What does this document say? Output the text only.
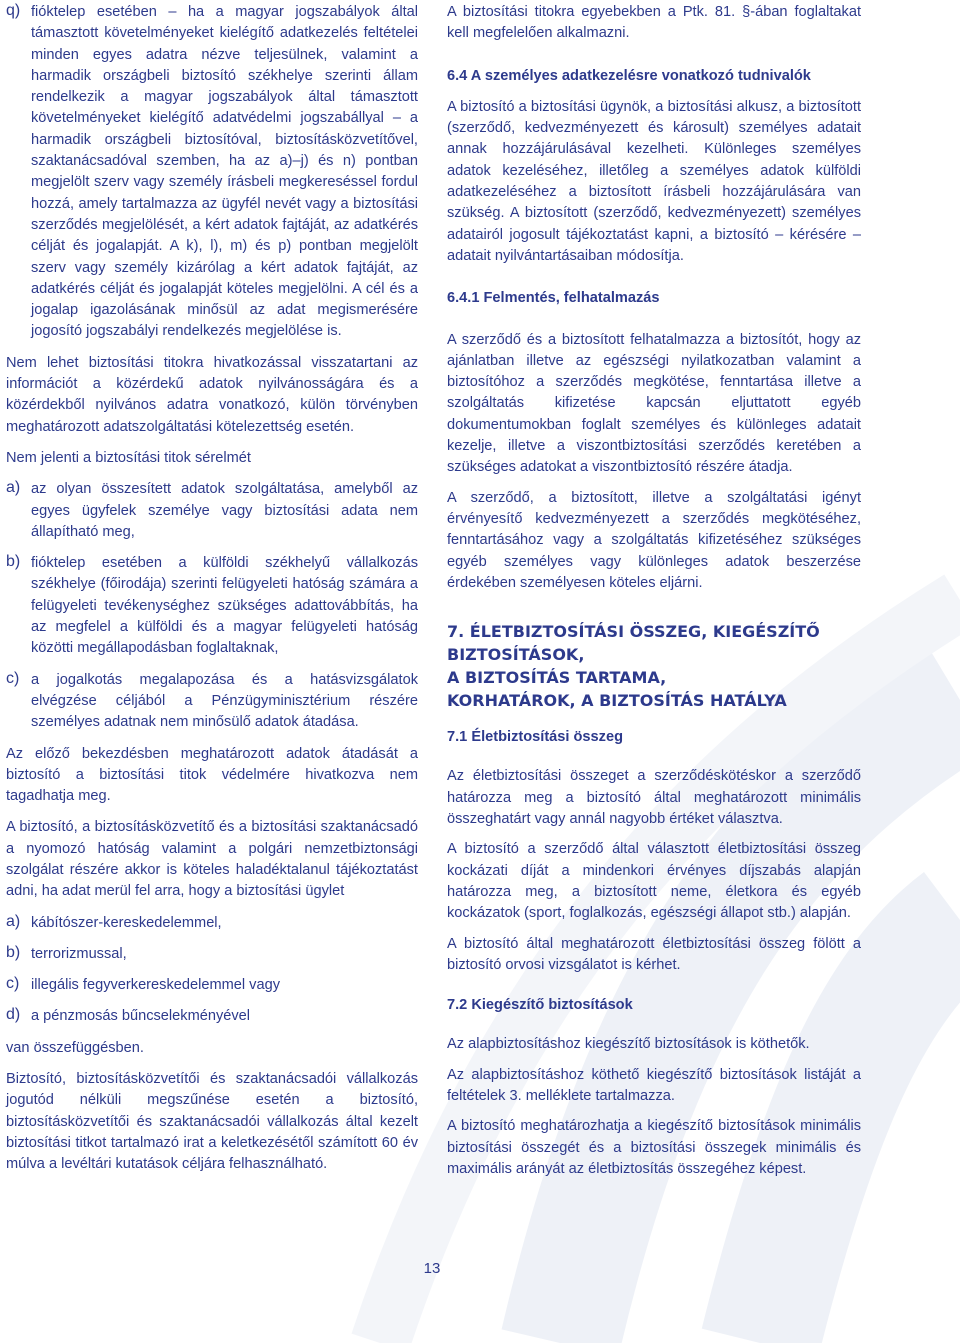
q) fióktelep esetében – ha a magyar jogszabályok által támasztott követelményeket kielégítő adatkezelés feltételei minden egyes adatra nézve teljesülnek, valamint a harmadik országbeli biztosító székhelye szerinti állam rendelkezik a magyar jogszabályok által támasztott követelményeket kielégítő adatvédelmi jogszabállyal – a harmadik országbeli biztosítóval, biztosításközvetítővel, szaktanácsadóval szemben, ha az a)–j) és n) pontban megjelölt szerv vagy személy írásbeli megkereséssel fordul hozzá, amely tartalmazza az ügyfél nevét vagy a biztosítási szerződés megjelölését, a kért adatok fajtáját, az adatkérés célját és jogalapját. A k), l), m) és p) pontban megjelölt szerv vagy személy kizárólag a kért adatok fajtáját, az adatkérés célját és jogalapját köteles megjelölni. A cél és a jogalap igazolásának minősül az adat megismerésére jogosító jogszabályi rendelkezés megjelölése is.

Nem lehet biztosítási titokra hivatkozással visszatartani az információt a közérdekű adatok nyilvánosságára és a közérdekből nyilvános adatra vonatkozó, külön törvényben meghatározott adatszolgáltatási kötelezettség esetén.

Nem jelenti a biztosítási titok sérelmét

a) az olyan összesített adatok szolgáltatása, amelyből az egyes ügyfelek személye vagy biztosítási adata nem állapítható meg,

b) fióktelep esetében a külföldi székhelyű vállalkozás székhelye (főirodája) szerinti felügyeleti hatóság számára a felügyeleti tevékenységhez szükséges adattovábbítás, ha az megfelel a külföldi és a magyar felügyeleti hatóság közötti megállapodásban foglaltaknak,

c) a jogalkotás megalapozása és a hatásvizsgálatok elvégzése céljából a Pénzügyminisztérium részére személyes adatnak nem minősülő adatok átadása.

Az előző bekezdésben meghatározott adatok átadását a biztosító a biztosítási titok védelmére hivatkozva nem tagadhatja meg.

A biztosító, a biztosításközvetítő és a biztosítási szaktanácsadó a nyomozó hatóság valamint a polgári nemzetbiztonsági szolgálat részére akkor is köteles haladéktalanul tájékoztatást adni, ha adat merül fel arra, hogy a biztosítási ügylet

a) kábítószer-kereskedelemmel,

b) terrorizmussal,

c) illegális fegyverkereskedelemmel vagy

d) a pénzmosás bűncselekményével

van összefüggésben.

Biztosító, biztosításközvetítői és szaktanácsadói vállalkozás jogutód nélküli megszűnése esetén a biztosító, biztosításközvetítői és szaktanácsadói vállalkozás által kezelt biztosítási titkot tartalmazó irat a keletkezésétől számított 60 év múlva a levéltári kutatások céljára felhasználható.

A biztosítási titokra egyebekben a Ptk. 81. §-ában foglaltakat kell megfelelően alkalmazni.

6.4 A személyes adatkezelésre vonatkozó tudnivalók

A biztosító a biztosítási ügynök, a biztosítási alkusz, a biztosított (szerződő, kedvezményezett és károsult) személyes adatait annak hozzájárulásával kezelheti. Különleges személyes adatok kezeléséhez, illetőleg a személyes adatok külföldi adatkezeléséhez a biztosított írásbeli hozzájárulására van szükség. A biztosított (szerződő, kedvezményezett) személyes adatairól jogosult tájékoztatást kapni, a biztosító – kérésére – adatait nyilvántartásaiban módosítja.

6.4.1 Felmentés, felhatalmazás

A szerződő és a biztosított felhatalmazza a biztosítót, hogy az ajánlatban illetve az egészségi nyilatkozatban valamint a biztosítóhoz a szerződés megkötése, fenntartása illetve a szolgáltatás kifizetése kapcsán eljuttatott egyéb dokumentumokban foglalt személyes és különleges adatait kezelje, illetve a viszontbiztosítási szerződés keretében a szükséges adatokat a viszontbiztosító részére átadja.

A szerződő, a biztosított, illetve a szolgáltatási igényt érvényesítő kedvezményezett a szerződés megkötéséhez, fenntartásához vagy a szolgáltatás kifizetéséhez szükséges egyéb személyes vagy különleges adatok beszerzése érdekében személyesen köteles eljárni.

7. ÉLETBIZTOSÍTÁSI ÖSSZEG, KIEGÉSZÍTŐ
BIZTOSÍTÁSOK,
A BIZTOSÍTÁS TARTAMA,
KORHATÁROK, A BIZTOSÍTÁS HATÁLYA
7.1 Életbiztosítási összeg

Az életbiztosítási összeget a szerződéskötéskor a szerződő határozza meg a biztosító által meghatározott minimális összeghatárt vagy annál nagyobb értéket választva.

A biztosító a szerződő által választott életbiztosítási összeg kockázati díját a mindenkori érvényes díjszabás alapján határozza meg, a biztosított neme, életkora és egyéb kockázatok (sport, foglalkozás, egészségi állapot stb.) alapján.

A biztosító által meghatározott életbiztosítási összeg fölött a biztosító orvosi vizsgálatot is kérhet.

7.2 Kiegészítő biztosítások

Az alapbiztosításhoz kiegészítő biztosítások is köthetők.

Az alapbiztosításhoz köthető kiegészítő biztosítások listáját a feltételek 3. melléklete tartalmazza.

A biztosító meghatározhatja a kiegészítő biztosítások minimális biztosítási összegét és a biztosítási összegek minimális és maximális arányát az életbiztosítás összegéhez képest.

13
